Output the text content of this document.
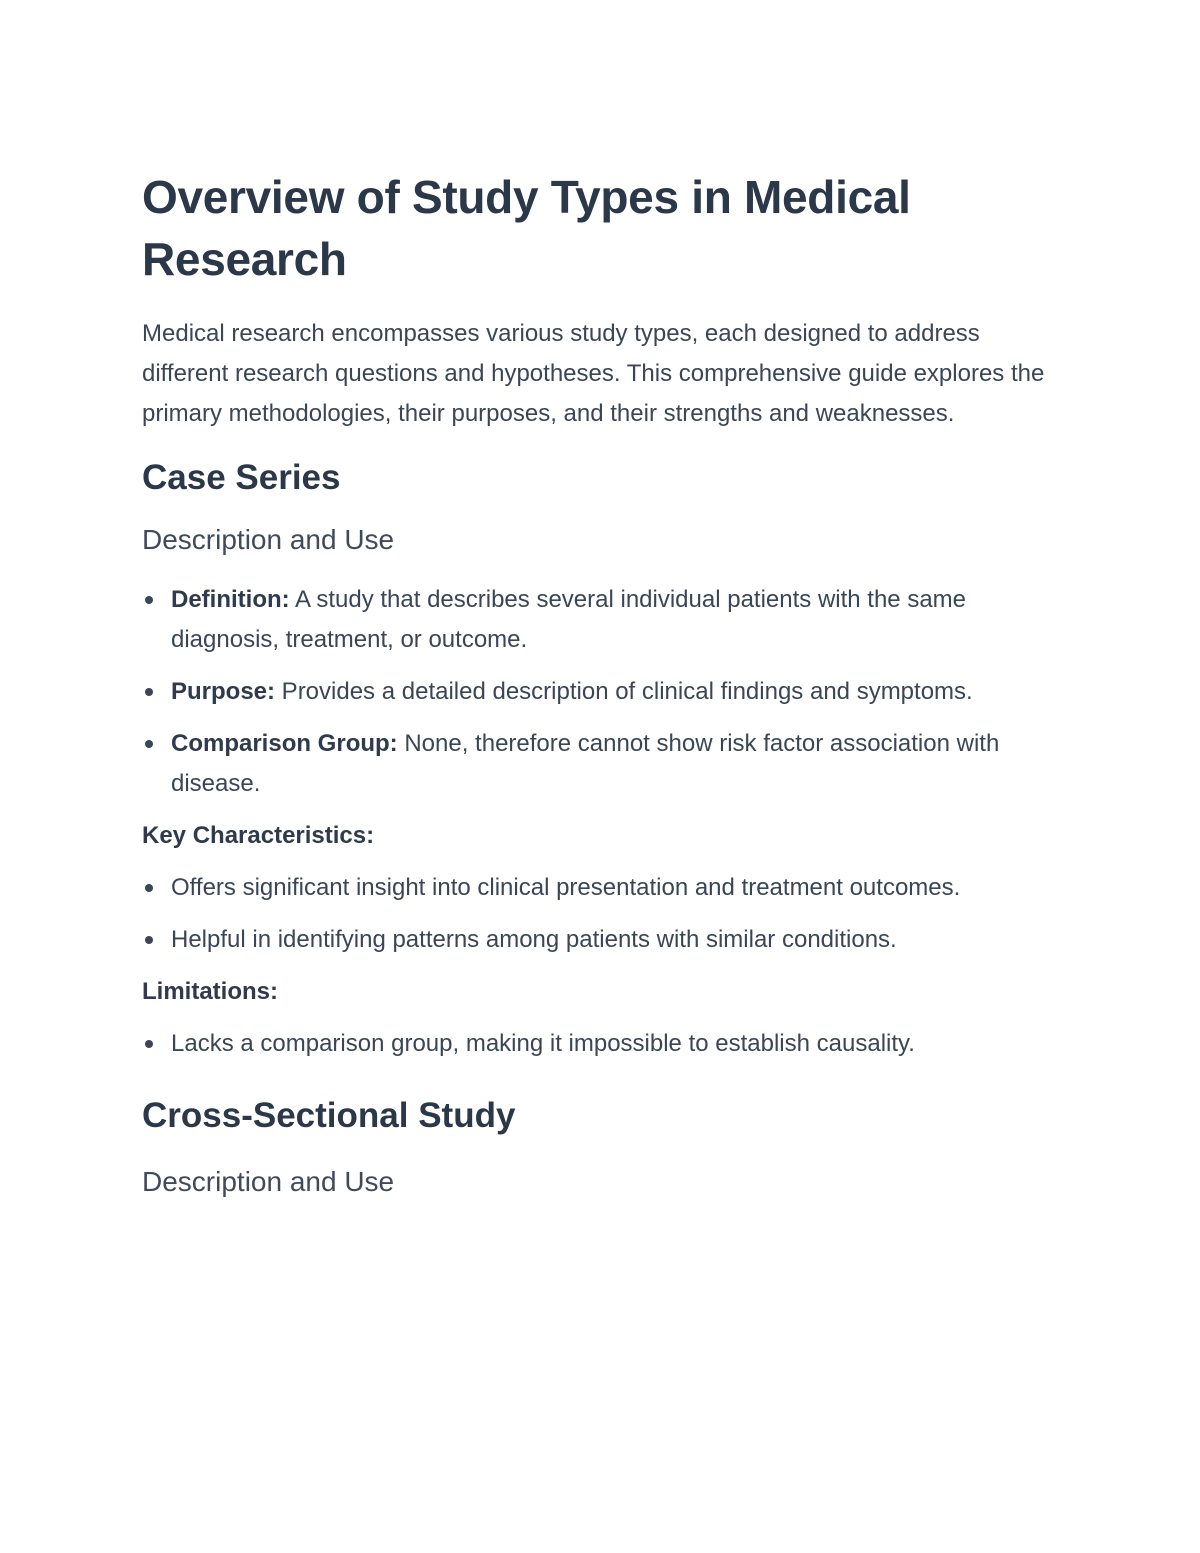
Overview of Study Types in Medical Research

Medical research encompasses various study types, each designed to address different research questions and hypotheses. This comprehensive guide explores the primary methodologies, their purposes, and their strengths and weaknesses.

Case Series
Description and Use
Definition: A study that describes several individual patients with the same diagnosis, treatment, or outcome.
Purpose: Provides a detailed description of clinical findings and symptoms.
Comparison Group: None, therefore cannot show risk factor association with disease.

Key Characteristics:

Offers significant insight into clinical presentation and treatment outcomes.
Helpful in identifying patterns among patients with similar conditions.

Limitations:

Lacks a comparison group, making it impossible to establish causality.
Cross-Sectional Study
Description and Use
